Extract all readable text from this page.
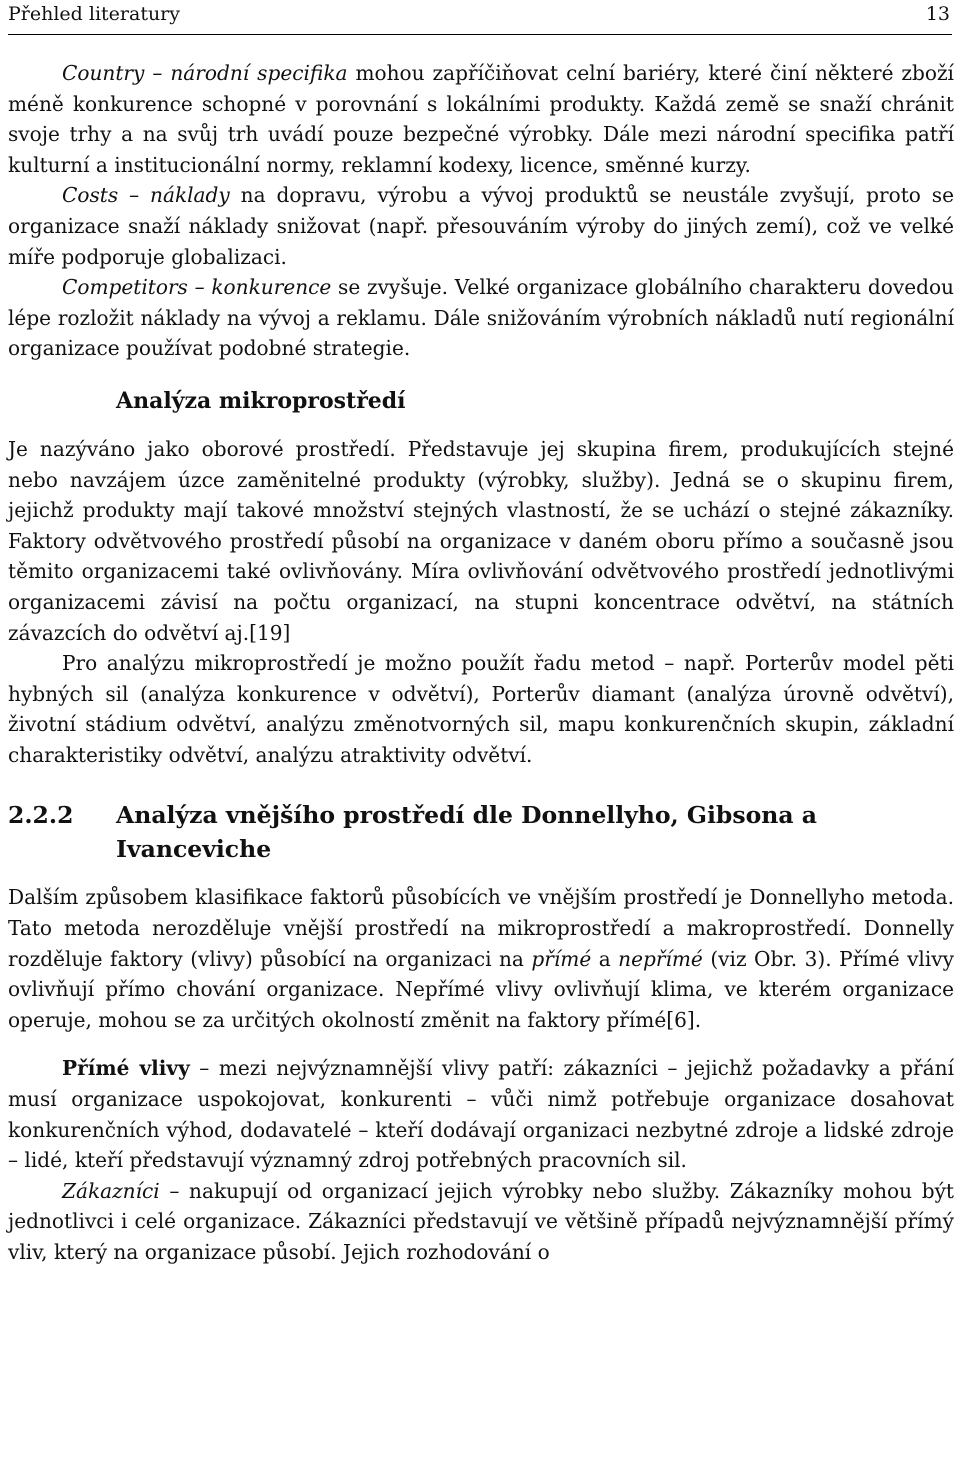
Přehled literatury	13

Country – národní specifika mohou zapříčiňovat celní bariéry, které činí některé zboží méně konkurence schopné v porovnání s lokálními produkty. Každá země se snaží chránit svoje trhy a na svůj trh uvádí pouze bezpečné výrobky. Dále mezi národní specifika patří kulturní a institucionální normy, reklamní kodexy, licence, směnné kurzy.

Costs – náklady na dopravu, výrobu a vývoj produktů se neustále zvyšují, proto se organizace snaží náklady snižovat (např. přesouváním výroby do jiných zemí), což ve velké míře podporuje globalizaci.

Competitors – konkurence se zvyšuje. Velké organizace globálního charakteru dovedou lépe rozložit náklady na vývoj a reklamu. Dále snižováním výrobních nákladů nutí regionální organizace používat podobné strategie.

Analýza mikroprostředí

Je nazýváno jako oborové prostředí. Představuje jej skupina firem, produkujících stejné nebo navzájem úzce zaměnitelné produkty (výrobky, služby). Jedná se o skupinu firem, jejichž produkty mají takové množství stejných vlastností, že se uchází o stejné zákazníky. Faktory odvětvového prostředí působí na organizace v daném oboru přímo a současně jsou těmito organizacemi také ovlivňovány. Míra ovlivňování odvětvového prostředí jednotlivými organizacemi závisí na počtu organizací, na stupni koncentrace odvětví, na státních závazcích do odvětví aj.[19]

Pro analýzu mikroprostředí je možno použít řadu metod – např. Porterův model pěti hybných sil (analýza konkurence v odvětví), Porterův diamant (analýza úrovně odvětví), životní stádium odvětví, analýzu změnotvorných sil, mapu konkurenčních skupin, základní charakteristiky odvětví, analýzu atraktivity odvětví.

2.2.2	Analýza vnějšího prostředí dle Donnellyho, Gibsona a Ivanceviche

Dalším způsobem klasifikace faktorů působících ve vnějším prostředí je Donnellyho metoda. Tato metoda nerozděluje vnější prostředí na mikroprostředí a makroprostředí. Donnelly rozděluje faktory (vlivy) působící na organizaci na přímé a nepřímé (viz Obr. 3). Přímé vlivy ovlivňují přímo chování organizace. Nepřímé vlivy ovlivňují klima, ve kterém organizace operuje, mohou se za určitých okolností změnit na faktory přímé[6].

Přímé vlivy – mezi nejvýznamnější vlivy patří: zákazníci – jejichž požadavky a přání musí organizace uspokojovat, konkurenti – vůči nimž potřebuje organizace dosahovat konkurenčních výhod, dodavatelé – kteří dodávají organizaci nezbytné zdroje a lidské zdroje – lidé, kteří představují významný zdroj potřebných pracovních sil.

Zákazníci – nakupují od organizací jejich výrobky nebo služby. Zákazníky mohou být jednotlivci i celé organizace. Zákazníci představují ve většině případů nejvýznamnější přímý vliv, který na organizace působí. Jejich rozhodování o
